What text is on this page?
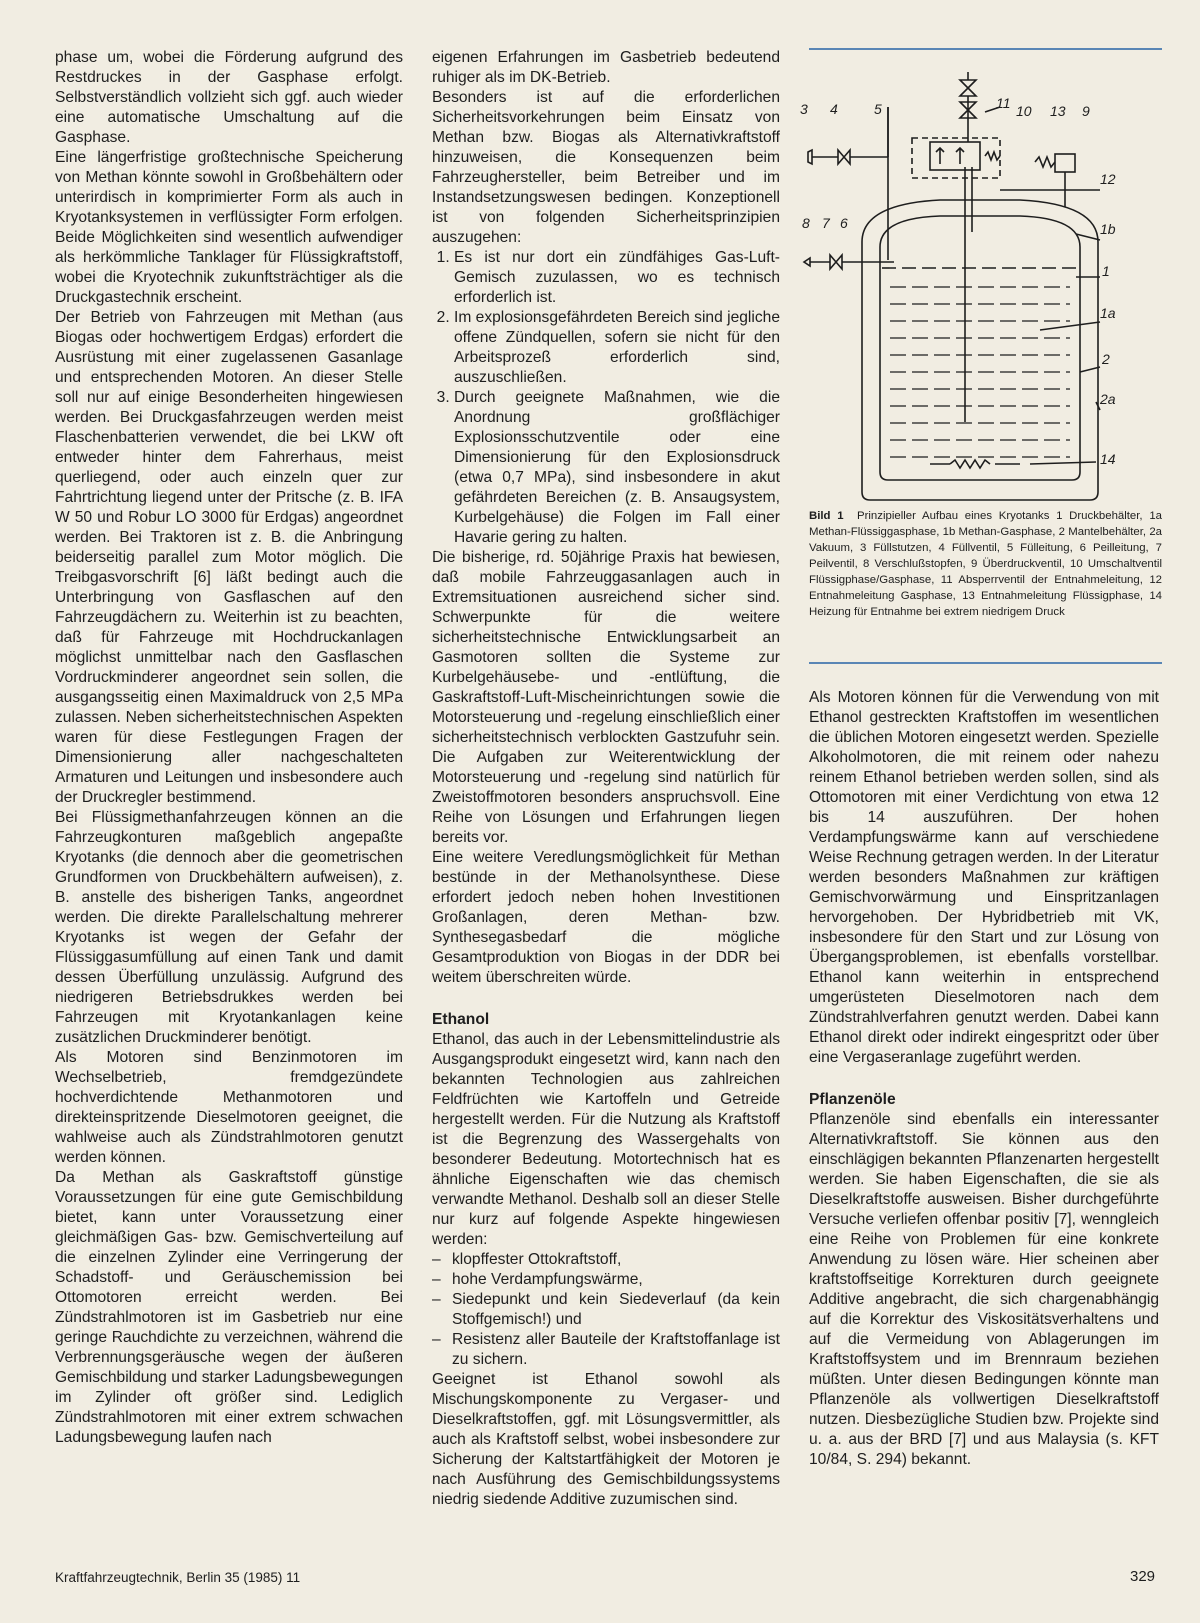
phase um, wobei die Förderung aufgrund des Restdruckes in der Gasphase erfolgt. Selbstverständlich vollzieht sich ggf. auch wieder eine automatische Umschaltung auf die Gasphase.

Eine längerfristige großtechnische Speicherung von Methan könnte sowohl in Großbehältern oder unterirdisch in komprimierter Form als auch in Kryotanksystemen in verflüssigter Form erfolgen. Beide Möglichkeiten sind wesentlich aufwendiger als herkömmliche Tanklager für Flüssigkraftstoff, wobei die Kryotechnik zukunftsträchtiger als die Druckgastechnik erscheint.

Der Betrieb von Fahrzeugen mit Methan (aus Biogas oder hochwertigem Erdgas) erfordert die Ausrüstung mit einer zugelassenen Gasanlage und entsprechenden Motoren. An dieser Stelle soll nur auf einige Besonderheiten hingewiesen werden. Bei Druckgasfahrzeugen werden meist Flaschenbatterien verwendet, die bei LKW oft entweder hinter dem Fahrerhaus, meist querliegend, oder auch einzeln quer zur Fahrtrichtung liegend unter der Pritsche (z. B. IFA W 50 und Robur LO 3000 für Erdgas) angeordnet werden. Bei Traktoren ist z. B. die Anbringung beiderseitig parallel zum Motor möglich. Die Treibgasvorschrift [6] läßt bedingt auch die Unterbringung von Gasflaschen auf den Fahrzeugdächern zu. Weiterhin ist zu beachten, daß für Fahrzeuge mit Hochdruckanlagen möglichst unmittelbar nach den Gasflaschen Vordruckminderer angeordnet sein sollen, die ausgangsseitig einen Maximaldruck von 2,5 MPa zulassen. Neben sicherheitstechnischen Aspekten waren für diese Festlegungen Fragen der Dimensionierung aller nachgeschalteten Armaturen und Leitungen und insbesondere auch der Druckregler bestimmend.

Bei Flüssigmethanfahrzeugen können an die Fahrzeugkonturen maßgeblich angepaßte Kryotanks (die dennoch aber die geometrischen Grundformen von Druckbehältern aufweisen), z. B. anstelle des bisherigen Tanks, angeordnet werden. Die direkte Parallelschaltung mehrerer Kryotanks ist wegen der Gefahr der Flüssiggasumfüllung auf einen Tank und damit dessen Überfüllung unzulässig. Aufgrund des niedrigeren Betriebsdrukkes werden bei Fahrzeugen mit Kryotankanlagen keine zusätzlichen Druckminderer benötigt.

Als Motoren sind Benzinmotoren im Wechselbetrieb, fremdgezündete hochverdichtende Methanmotoren und direkteinspritzende Dieselmotoren geeignet, die wahlweise auch als Zündstrahlmotoren genutzt werden können.

Da Methan als Gaskraftstoff günstige Voraussetzungen für eine gute Gemischbildung bietet, kann unter Voraussetzung einer gleichmäßigen Gas- bzw. Gemischverteilung auf die einzelnen Zylinder eine Verringerung der Schadstoff- und Geräuschemission bei Ottomotoren erreicht werden. Bei Zündstrahlmotoren ist im Gasbetrieb nur eine geringe Rauchdichte zu verzeichnen, während die Verbrennungsgeräusche wegen der äußeren Gemischbildung und starker Ladungsbewegungen im Zylinder oft größer sind. Lediglich Zündstrahlmotoren mit einer extrem schwachen Ladungsbewegung laufen nach

eigenen Erfahrungen im Gasbetrieb bedeutend ruhiger als im DK-Betrieb.

Besonders ist auf die erforderlichen Sicherheitsvorkehrungen beim Einsatz von Methan bzw. Biogas als Alternativkraftstoff hinzuweisen, die Konsequenzen beim Fahrzeughersteller, beim Betreiber und im Instandsetzungswesen bedingen. Konzeptionell ist von folgenden Sicherheitsprinzipien auszugehen:

1. Es ist nur dort ein zündfähiges Gas-Luft-Gemisch zuzulassen, wo es technisch erforderlich ist.
2. Im explosionsgefährdeten Bereich sind jegliche offene Zündquellen, sofern sie nicht für den Arbeitsprozeß erforderlich sind, auszuschließen.
3. Durch geeignete Maßnahmen, wie die Anordnung großflächiger Explosionsschutzventile oder eine Dimensionierung für den Explosionsdruck (etwa 0,7 MPa), sind insbesondere in akut gefährdeten Bereichen (z. B. Ansaugsystem, Kurbelgehäuse) die Folgen im Fall einer Havarie gering zu halten.

Die bisherige, rd. 50jährige Praxis hat bewiesen, daß mobile Fahrzeuggasanlagen auch in Extremsituationen ausreichend sicher sind. Schwerpunkte für die weitere sicherheitstechnische Entwicklungsarbeit an Gasmotoren sollten die Systeme zur Kurbelgehäusebe- und -entlüftung, die Gaskraftstoff-Luft-Mischeinrichtungen sowie die Motorsteuerung und -regelung einschließlich einer sicherheitstechnisch verblockten Gastzufuhr sein. Die Aufgaben zur Weiterentwicklung der Motorsteuerung und -regelung sind natürlich für Zweistoffmotoren besonders anspruchsvoll. Eine Reihe von Lösungen und Erfahrungen liegen bereits vor.

Eine weitere Veredlungsmöglichkeit für Methan bestünde in der Methanolsynthese. Diese erfordert jedoch neben hohen Investitionen Großanlagen, deren Methan- bzw. Synthesegasbedarf die mögliche Gesamtproduktion von Biogas in der DDR bei weitem überschreiten würde.

Ethanol

Ethanol, das auch in der Lebensmittelindustrie als Ausgangsprodukt eingesetzt wird, kann nach den bekannten Technologien aus zahlreichen Feldfrüchten wie Kartoffeln und Getreide hergestellt werden. Für die Nutzung als Kraftstoff ist die Begrenzung des Wassergehalts von besonderer Bedeutung. Motortechnisch hat es ähnliche Eigenschaften wie das chemisch verwandte Methanol. Deshalb soll an dieser Stelle nur kurz auf folgende Aspekte hingewiesen werden:

– klopffester Ottokraftstoff,
– hohe Verdampfungswärme,
– Siedepunkt und kein Siedeverlauf (da kein Stoffgemisch!) und
– Resistenz aller Bauteile der Kraftstoffanlage ist zu sichern.

Geeignet ist Ethanol sowohl als Mischungskomponente zu Vergaser- und Dieselkraftstoffen, ggf. mit Lösungsvermittler, als auch als Kraftstoff selbst, wobei insbesondere zur Sicherung der Kaltstartfähigkeit der Motoren je nach Ausführung des Gemischbildungssystems niedrig siedende Additive zuzumischen sind.

3 4	5	11 10 13 9
12
8 7 6	1b
1
1a
2
2a
14
Bild 1 Prinzipieller Aufbau eines Kryotanks 1 Druckbehälter, 1a Methan-Flüssiggasphase, 1b Methan-Gasphase, 2 Mantelbehälter, 2a Vakuum, 3 Füllstutzen, 4 Füllventil, 5 Fülleitung, 6 Peilleitung, 7 Peilventil, 8 Verschlußstopfen, 9 Überdruckventil, 10 Umschaltventil Flüssigphase/Gasphase, 11 Absperrventil der Entnahmeleitung, 12 Entnahmeleitung Gasphase, 13 Entnahmeleitung Flüssigphase, 14 Heizung für Entnahme bei extrem niedrigem Druck

Als Motoren können für die Verwendung von mit Ethanol gestreckten Kraftstoffen im wesentlichen die üblichen Motoren eingesetzt werden. Spezielle Alkoholmotoren, die mit reinem oder nahezu reinem Ethanol betrieben werden sollen, sind als Ottomotoren mit einer Verdichtung von etwa 12 bis 14 auszuführen. Der hohen Verdampfungswärme kann auf verschiedene Weise Rechnung getragen werden. In der Literatur werden besonders Maßnahmen zur kräftigen Gemischvorwärmung und Einspritzanlagen hervorgehoben. Der Hybridbetrieb mit VK, insbesondere für den Start und zur Lösung von Übergangsproblemen, ist ebenfalls vorstellbar. Ethanol kann weiterhin in entsprechend umgerüsteten Dieselmotoren nach dem Zündstrahlverfahren genutzt werden. Dabei kann Ethanol direkt oder indirekt eingespritzt oder über eine Vergaseranlage zugeführt werden.

Pflanzenöle

Pflanzenöle sind ebenfalls ein interessanter Alternativkraftstoff. Sie können aus den einschlägigen bekannten Pflanzenarten hergestellt werden. Sie haben Eigenschaften, die sie als Dieselkraftstoffe ausweisen. Bisher durchgeführte Versuche verliefen offenbar positiv [7], wenngleich eine Reihe von Problemen für eine konkrete Anwendung zu lösen wäre. Hier scheinen aber kraftstoffseitige Korrekturen durch geeignete Additive angebracht, die sich chargenabhängig auf die Korrektur des Viskositätsverhaltens und auf die Vermeidung von Ablagerungen im Kraftstoffsystem und im Brennraum beziehen müßten. Unter diesen Bedingungen könnte man Pflanzenöle als vollwertigen Dieselkraftstoff nutzen. Diesbezügliche Studien bzw. Projekte sind u. a. aus der BRD [7] und aus Malaysia (s. KFT 10/84, S. 294) bekannt.

Kraftfahrzeugtechnik, Berlin 35 (1985) 11	329
